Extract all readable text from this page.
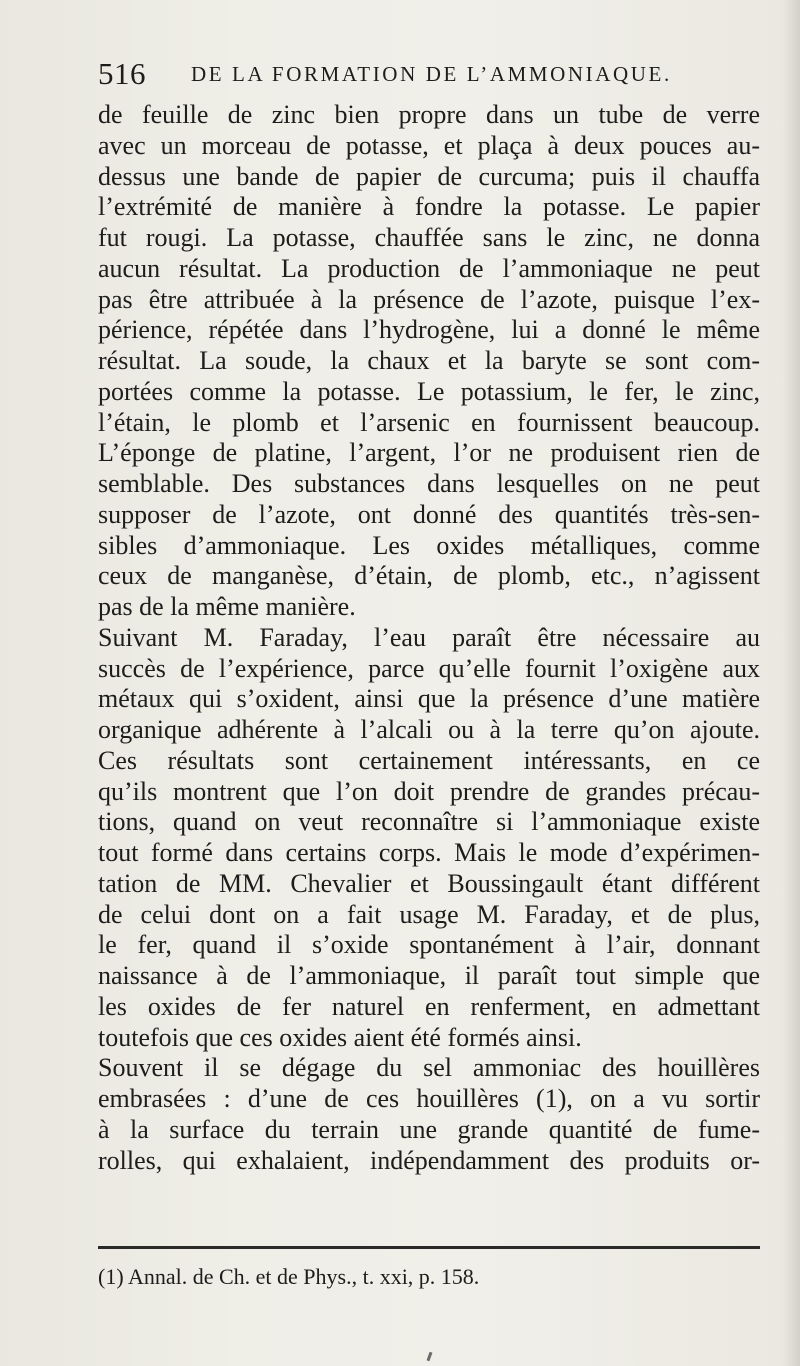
516 DE LA FORMATION DE L’AMMONIAQUE.
de feuille de zinc bien propre dans un tube de verre
avec un morceau de potasse, et plaça à deux pouces au-
dessus une bande de papier de curcuma; puis il chauffa
l’extrémité de manière à fondre la potasse. Le papier
fut rougi. La potasse, chauffée sans le zinc, ne donna
aucun résultat. La production de l’ammoniaque ne peut
pas être attribuée à la présence de l’azote, puisque l’ex-
périence, répétée dans l’hydrogène, lui a donné le même
résultat. La soude, la chaux et la baryte se sont com-
portées comme la potasse. Le potassium, le fer, le zinc,
l’étain, le plomb et l’arsenic en fournissent beaucoup.
L’éponge de platine, l’argent, l’or ne produisent rien de
semblable. Des substances dans lesquelles on ne peut
supposer de l’azote, ont donné des quantités très-sen-
sibles d’ammoniaque. Les oxides métalliques, comme
ceux de manganèse, d’étain, de plomb, etc., n’agissent
pas de la même manière.
Suivant M. Faraday, l’eau paraît être nécessaire au
succès de l’expérience, parce qu’elle fournit l’oxigène aux
métaux qui s’oxident, ainsi que la présence d’une matière
organique adhérente à l’alcali ou à la terre qu’on ajoute.
Ces résultats sont certainement intéressants, en ce
qu’ils montrent que l’on doit prendre de grandes précau-
tions, quand on veut reconnaître si l’ammoniaque existe
tout formé dans certains corps. Mais le mode d’expérimen-
tation de MM. Chevalier et Boussingault étant différent
de celui dont on a fait usage M. Faraday, et de plus,
le fer, quand il s’oxide spontanément à l’air, donnant
naissance à de l’ammoniaque, il paraît tout simple que
les oxides de fer naturel en renferment, en admettant
toutefois que ces oxides aient été formés ainsi.
Souvent il se dégage du sel ammoniac des houillères
embrasées : d’une de ces houillères (1), on a vu sortir
à la surface du terrain une grande quantité de fume-
rolles, qui exhalaient, indépendamment des produits or-
(1) Annal. de Ch. et de Phys., t. xxi, p. 158.
